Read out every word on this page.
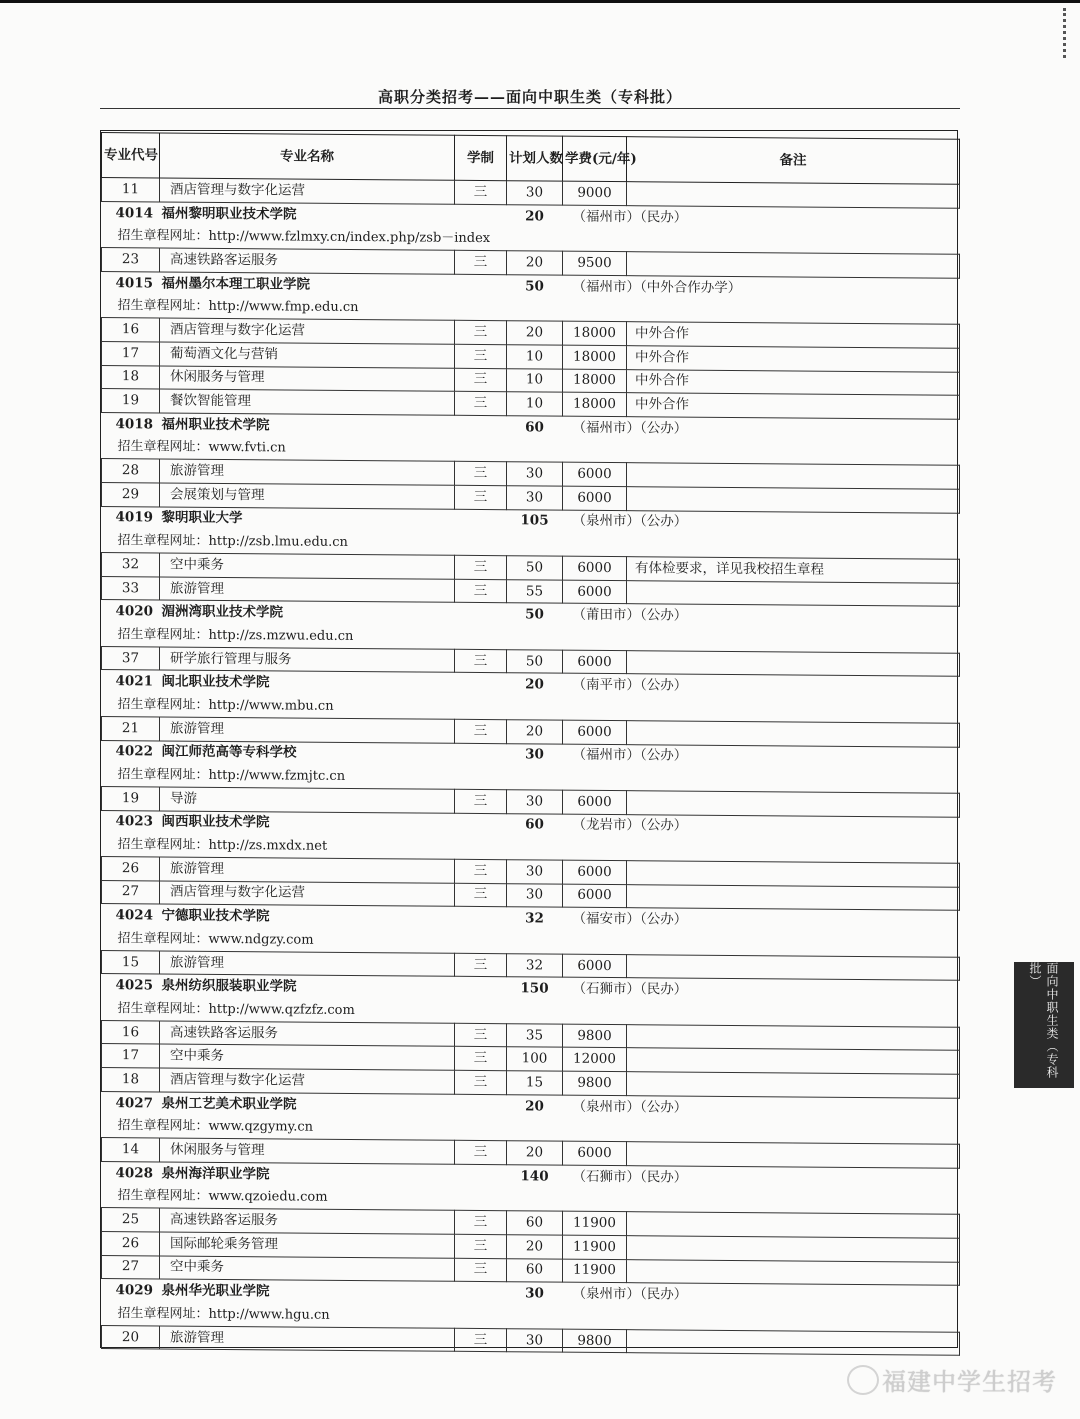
高职分类招考——面向中职生类（专科批）
专业代号	专业名称	学制	计划人数	学费(元/年)	备注
11	酒店管理与数字化运营	三	30	9000	
4014	福州黎明职业技术学院		20	（福州市）（民办）	
招生章程网址：http://www.fzlmxy.cn/index.php/zsb－index					
23	高速铁路客运服务	三	20	9500	
4015	福州墨尔本理工职业学院		50	（福州市）（中外合作办学）	
招生章程网址：http://www.fmp.edu.cn					
16	酒店管理与数字化运营	三	20	18000	中外合作
17	葡萄酒文化与营销	三	10	18000	中外合作
18	休闲服务与管理	三	10	18000	中外合作
19	餐饮智能管理	三	10	18000	中外合作
4018	福州职业技术学院		60	（福州市）（公办）	
招生章程网址：www.fvti.cn					
28	旅游管理	三	30	6000	
29	会展策划与管理	三	30	6000	
4019	黎明职业大学		105	（泉州市）（公办）	
招生章程网址：http://zsb.lmu.edu.cn					
32	空中乘务	三	50	6000	有体检要求，详见我校招生章程
33	旅游管理	三	55	6000	
4020	湄洲湾职业技术学院		50	（莆田市）（公办）	
招生章程网址：http://zs.mzwu.edu.cn					
37	研学旅行管理与服务	三	50	6000	
4021	闽北职业技术学院		20	（南平市）（公办）	
招生章程网址：http://www.mbu.cn					
21	旅游管理	三	20	6000	
4022	闽江师范高等专科学校		30	（福州市）（公办）	
招生章程网址：http://www.fzmjtc.cn					
19	导游	三	30	6000	
4023	闽西职业技术学院		60	（龙岩市）（公办）	
招生章程网址：http://zs.mxdx.net					
26	旅游管理	三	30	6000	
27	酒店管理与数字化运营	三	30	6000	
4024	宁德职业技术学院		32	（福安市）（公办）	
招生章程网址：www.ndgzy.com					
15	旅游管理	三	32	6000	
4025	泉州纺织服装职业学院		150	（石狮市）（民办）	
招生章程网址：http://www.qzfzfz.com					
16	高速铁路客运服务	三	35	9800	
17	空中乘务	三	100	12000	
18	酒店管理与数字化运营	三	15	9800	
4027	泉州工艺美术职业学院		20	（泉州市）（公办）	
招生章程网址：www.qzgymy.cn					
14	休闲服务与管理	三	20	6000	
4028	泉州海洋职业学院		140	（石狮市）（民办）	
招生章程网址：www.qzoiedu.com					
25	高速铁路客运服务	三	60	11900	
26	国际邮轮乘务管理	三	20	11900	
27	空中乘务	三	60	11900	
4029	泉州华光职业学院		30	（泉州市）（民办）	
招生章程网址：http://www.hgu.cn					
20	旅游管理	三	30	9800	
面向中职生类（专科批）
福建中学生招考
